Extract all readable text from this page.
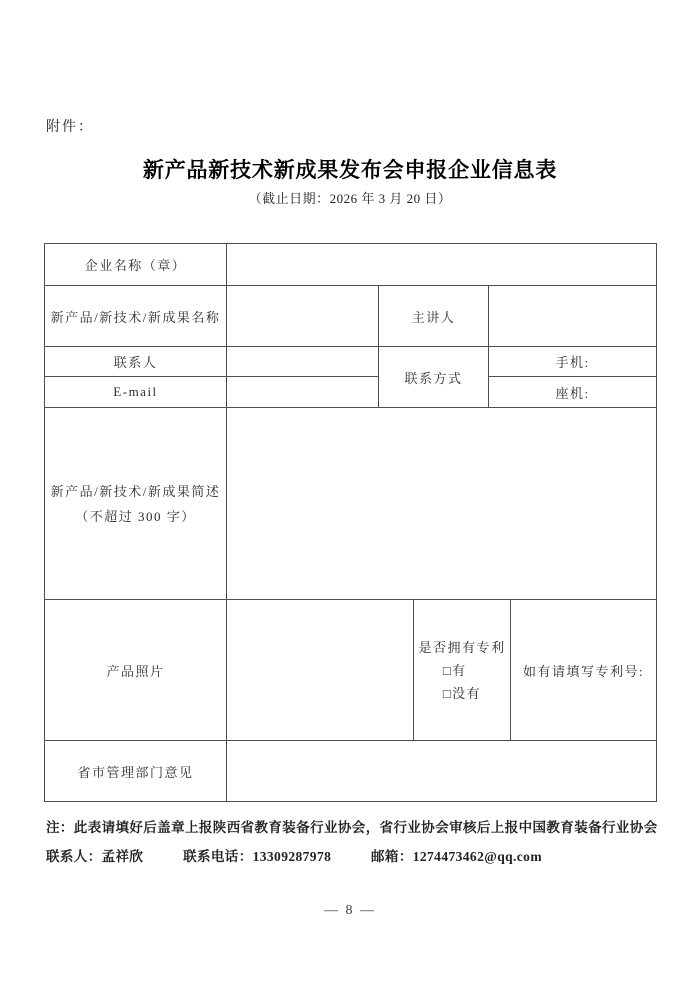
附件：
新产品新技术新成果发布会申报企业信息表
（截止日期：2026 年 3 月 20 日）
企业名称（章）					
新产品/新技术/新成果名称		主讲人			
联系人		联系方式		手机:	
E-mail				座机:	

新产品/新技术/新成果简述
（不超过 300 字）					

产品照片			是否拥有专利
□有
□没有		如有请填写专利号:
省市管理部门意见					
注：此表请填好后盖章上报陕西省教育装备行业协会，省行业协会审核后上报中国教育装备行业协会
联系人：孟祥欣	联系电话：13309287978	邮箱：1274473462@qq.com
— 8 —
